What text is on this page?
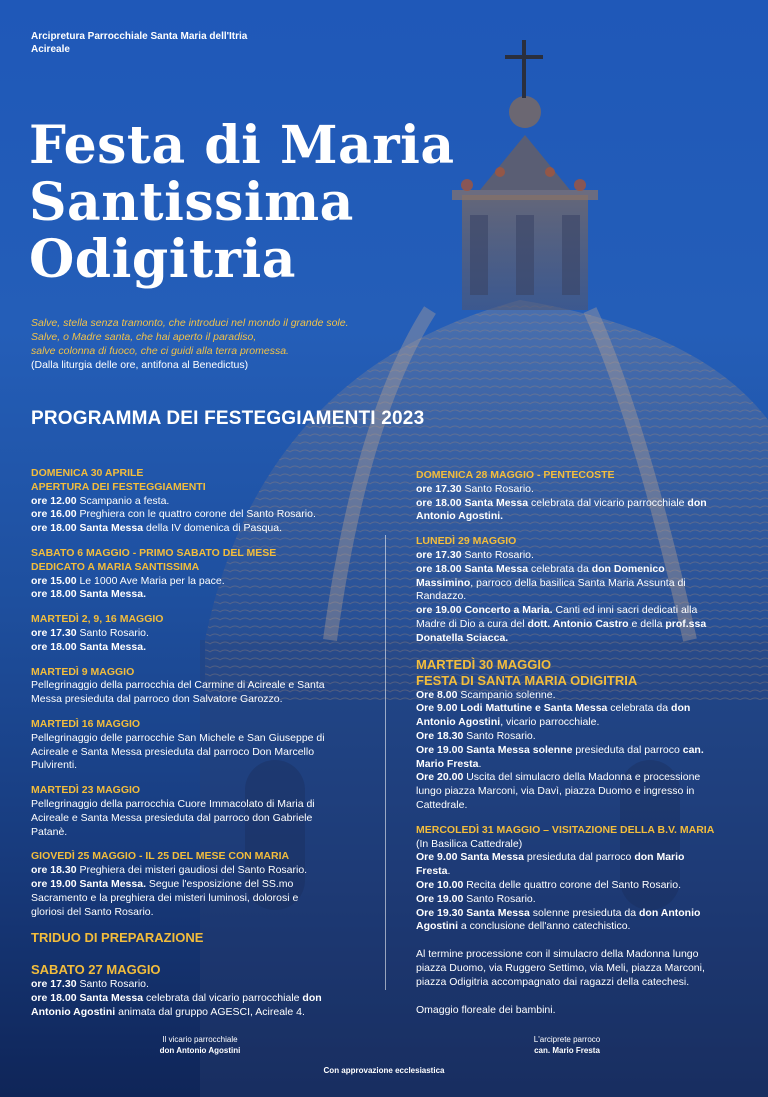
Arcipretura Parrocchiale Santa Maria dell'Itria
Acireale
Festa di Maria
Santissima
Odigitria
Salve, stella senza tramonto, che introduci nel mondo il grande sole.
Salve, o Madre santa, che hai aperto il paradiso,
salve colonna di fuoco, che ci guidi alla terra promessa.
(Dalla liturgia delle ore, antifona al Benedictus)
PROGRAMMA DEI FESTEGGIAMENTI 2023
DOMENICA 30 APRILE
APERTURA DEI FESTEGGIAMENTI
ore 12.00 Scampanio a festa.
ore 16.00 Preghiera con le quattro corone del Santo Rosario.
ore 18.00 Santa Messa della IV domenica di Pasqua.
SABATO 6 MAGGIO - PRIMO SABATO DEL MESE
DEDICATO A MARIA SANTISSIMA
ore 15.00 Le 1000 Ave Maria per la pace.
ore 18.00 Santa Messa.
MARTEDÌ 2, 9, 16 MAGGIO
ore 17.30 Santo Rosario.
ore 18.00 Santa Messa.
MARTEDÌ 9 MAGGIO
Pellegrinaggio della parrocchia del Carmine di Acireale e Santa
Messa presieduta dal parroco don Salvatore Garozzo.
MARTEDÌ 16 MAGGIO
Pellegrinaggio delle parrocchie San Michele e San Giuseppe di
Acireale e Santa Messa presieduta dal parroco Don Marcello
Pulvirenti.
MARTEDÌ 23 MAGGIO
Pellegrinaggio della parrocchia Cuore Immacolato di Maria di
Acireale e Santa Messa presieduta dal parroco don Gabriele
Patanè.
GIOVEDÌ 25 MAGGIO - IL 25 DEL MESE CON MARIA
ore 18.30 Preghiera dei misteri gaudiosi del Santo Rosario.
ore 19.00 Santa Messa. Segue l'esposizione del SS.mo
Sacramento e la preghiera dei misteri luminosi, dolorosi e
gloriosi del Santo Rosario.
TRIDUO DI PREPARAZIONE
SABATO 27 MAGGIO
ore 17.30 Santo Rosario.
ore 18.00 Santa Messa celebrata dal vicario parrocchiale don
Antonio Agostini animata dal gruppo AGESCI, Acireale 4.
DOMENICA 28 MAGGIO - PENTECOSTE
ore 17.30 Santo Rosario.
ore 18.00 Santa Messa celebrata dal vicario parrocchiale don
Antonio Agostini.
LUNEDÌ 29 MAGGIO
ore 17.30 Santo Rosario.
ore 18.00 Santa Messa celebrata da don Domenico
Massimino, parroco della basilica Santa Maria Assunta di
Randazzo.
ore 19.00 Concerto a Maria. Canti ed inni sacri dedicati alla
Madre di Dio a cura del dott. Antonio Castro e della prof.ssa
Donatella Sciacca.
MARTEDÌ 30 MAGGIO
FESTA DI SANTA MARIA ODIGITRIA
Ore 8.00 Scampanio solenne.
Ore 9.00 Lodi Mattutine e Santa Messa celebrata da don
Antonio Agostini, vicario parrocchiale.
Ore 18.30 Santo Rosario.
Ore 19.00 Santa Messa solenne presieduta dal parroco can.
Mario Fresta.
Ore 20.00 Uscita del simulacro della Madonna e processione
lungo piazza Marconi, via Davì, piazza Duomo e ingresso in
Cattedrale.
MERCOLEDÌ 31 MAGGIO – VISITAZIONE DELLA B.V. MARIA
(In Basilica Cattedrale)
Ore 9.00 Santa Messa presieduta dal parroco don Mario
Fresta.
Ore 10.00 Recita delle quattro corone del Santo Rosario.
Ore 19.00 Santo Rosario.
Ore 19.30 Santa Messa solenne presieduta da don Antonio
Agostini a conclusione dell'anno catechistico.
Al termine processione con il simulacro della Madonna lungo
piazza Duomo, via Ruggero Settimo, via Meli, piazza Marconi,
piazza Odigitria accompagnato dai ragazzi della catechesi.
Omaggio floreale dei bambini.
Il vicario parrocchiale
don Antonio Agostini
L'arciprete parroco
can. Mario Fresta
Con approvazione ecclesiastica
